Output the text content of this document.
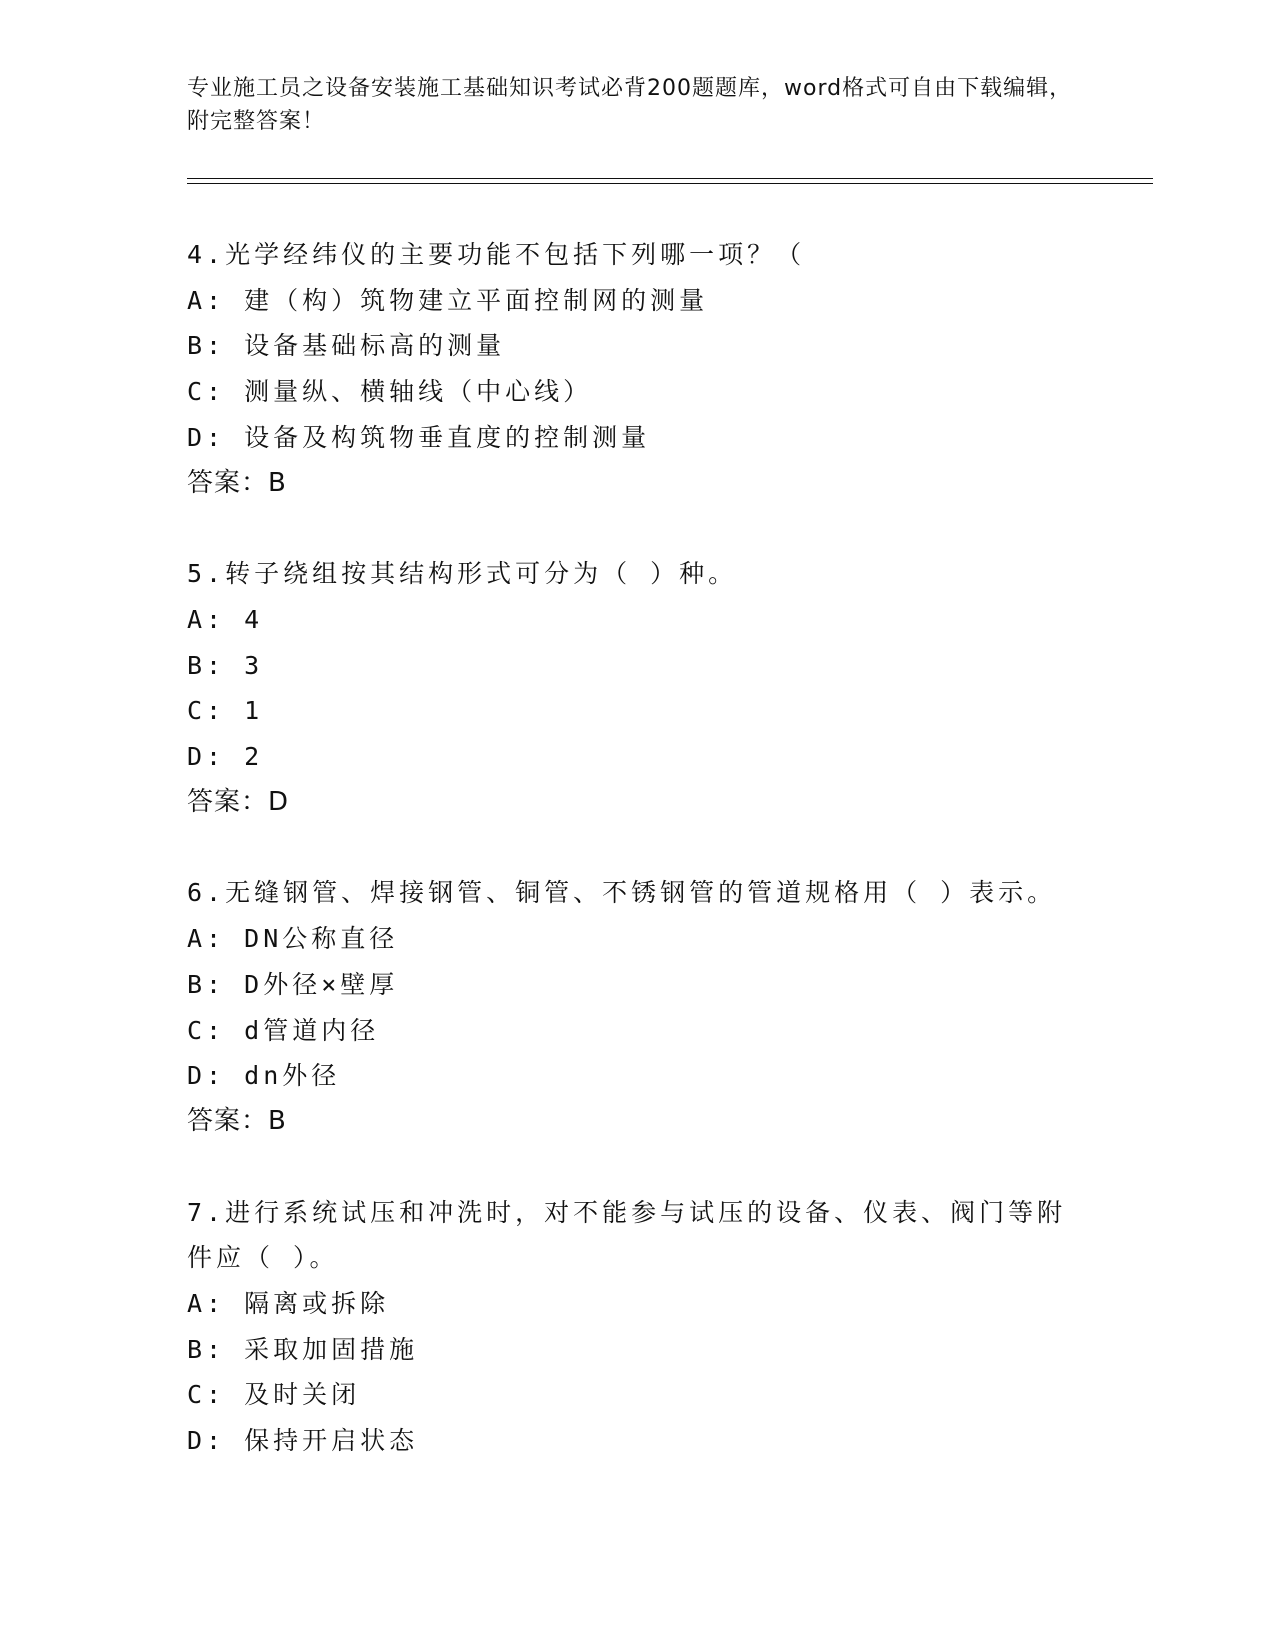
专业施工员之设备安装施工基础知识考试必背200题题库，word格式可自由下载编辑，附完整答案！
4.光学经纬仪的主要功能不包括下列哪一项？（
A: 建（构）筑物建立平面控制网的测量
B: 设备基础标高的测量
C: 测量纵、横轴线（中心线）
D: 设备及构筑物垂直度的控制测量
答案：B
5.转子绕组按其结构形式可分为（ ）种。
A: 4
B: 3
C: 1
D: 2
答案：D
6.无缝钢管、焊接钢管、铜管、不锈钢管的管道规格用（ ）表示。
A: DN公称直径
B: D外径×壁厚
C: d管道内径
D: dn外径
答案：B
7.进行系统试压和冲洗时，对不能参与试压的设备、仪表、阀门等附件应（ ）。
A: 隔离或拆除
B: 采取加固措施
C: 及时关闭
D: 保持开启状态
